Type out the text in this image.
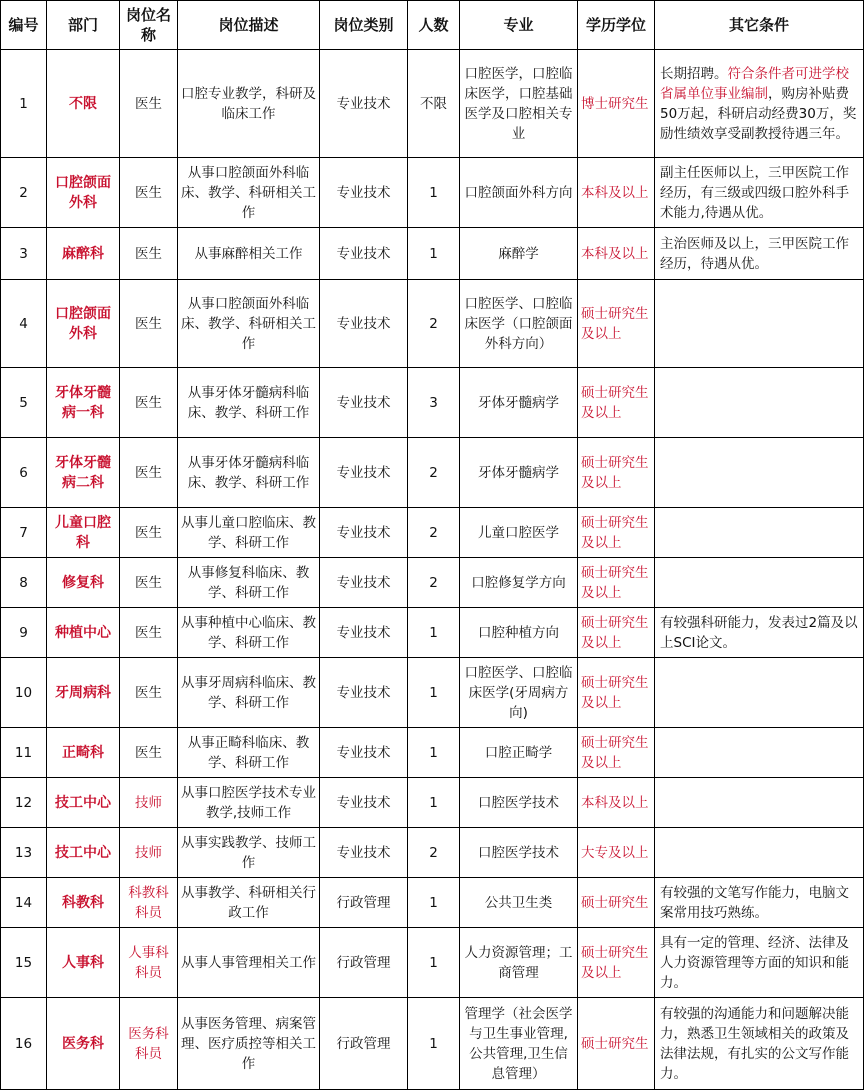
编号	部门	岗位名称	岗位描述	岗位类别	人数	专业	学历学位	其它条件
1	不限	医生	口腔专业教学，科研及临床工作	专业技术	不限	口腔医学，口腔临床医学，口腔基础医学及口腔相关专业	博士研究生	长期招聘。符合条件者可进学校省属单位事业编制，购房补贴费50万起，科研启动经费30万，奖励性绩效享受副教授待遇三年。
2	口腔颌面外科	医生	从事口腔颌面外科临床、教学、科研相关工作	专业技术	1	口腔颌面外科方向	本科及以上	副主任医师以上，三甲医院工作经历，有三级或四级口腔外科手术能力,待遇从优。
3	麻醉科	医生	从事麻醉相关工作	专业技术	1	麻醉学	本科及以上	主治医师及以上，三甲医院工作经历，待遇从优。
4	口腔颌面外科	医生	从事口腔颌面外科临床、教学、科研相关工作	专业技术	2	口腔医学、口腔临床医学（口腔颌面外科方向）	硕士研究生及以上	
5	牙体牙髓病一科	医生	从事牙体牙髓病科临床、教学、科研工作	专业技术	3	牙体牙髓病学	硕士研究生及以上	
6	牙体牙髓病二科	医生	从事牙体牙髓病科临床、教学、科研工作	专业技术	2	牙体牙髓病学	硕士研究生及以上	
7	儿童口腔科	医生	从事儿童口腔临床、教学、科研工作	专业技术	2	儿童口腔医学	硕士研究生及以上	
8	修复科	医生	从事修复科临床、教学、科研工作	专业技术	2	口腔修复学方向	硕士研究生及以上	
9	种植中心	医生	从事种植中心临床、教学、科研工作	专业技术	1	口腔种植方向	硕士研究生及以上	有较强科研能力，发表过2篇及以上SCI论文。
10	牙周病科	医生	从事牙周病科临床、教学、科研工作	专业技术	1	口腔医学、口腔临床医学(牙周病方向)	硕士研究生及以上	
11	正畸科	医生	从事正畸科临床、教学、科研工作	专业技术	1	口腔正畸学	硕士研究生及以上	
12	技工中心	技师	从事口腔医学技术专业教学,技师工作	专业技术	1	口腔医学技术	本科及以上	
13	技工中心	技师	从事实践教学、技师工作	专业技术	2	口腔医学技术	大专及以上	
14	科教科	科教科科员	从事教学、科研相关行政工作	行政管理	1	公共卫生类	硕士研究生	有较强的文笔写作能力，电脑文案常用技巧熟练。
15	人事科	人事科科员	从事人事管理相关工作	行政管理	1	人力资源管理；工商管理	硕士研究生及以上	具有一定的管理、经济、法律及人力资源管理等方面的知识和能力。
16	医务科	医务科科员	从事医务管理、病案管理、医疗质控等相关工作	行政管理	1	管理学（社会医学与卫生事业管理,公共管理,卫生信息管理）	硕士研究生	有较强的沟通能力和问题解决能力，熟悉卫生领域相关的政策及法律法规，有扎实的公文写作能力。
